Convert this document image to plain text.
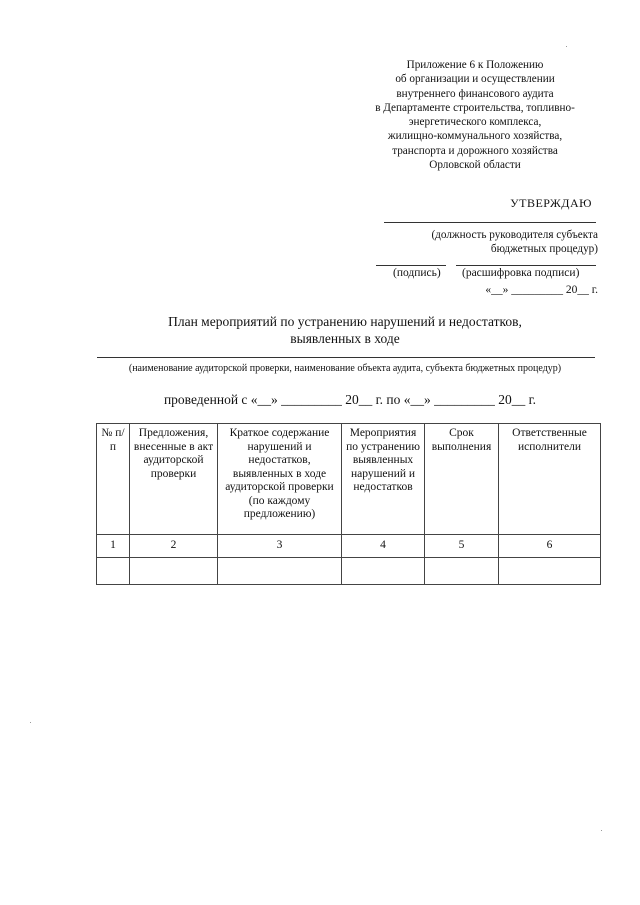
Приложение 6 к Положению
об организации и осуществлении
внутреннего финансового аудита
в Департаменте строительства, топливно-
энергетического комплекса,
жилищно-коммунального хозяйства,
транспорта и дорожного хозяйства
Орловской области
УТВЕРЖДАЮ
(должность руководителя субъекта
бюджетных процедур)
(подпись) (расшифровка подписи)
«__» _________ 20__ г.
План мероприятий по устранению нарушений и недостатков,
выявленных в ходе
(наименование аудиторской проверки, наименование объекта аудита, субъекта бюджетных процедур)
проведенной с «__» _________ 20__ г. по «__» _________ 20__ г.
№ п/п	Предложения, внесенные в акт аудиторской проверки	Краткое содержание нарушений и недостатков, выявленных в ходе аудиторской проверки (по каждому предложению)	Мероприятия по устранению выявленных нарушений и недостатков	Срок выполнения	Ответственные исполнители
1	2	3	4	5	6
